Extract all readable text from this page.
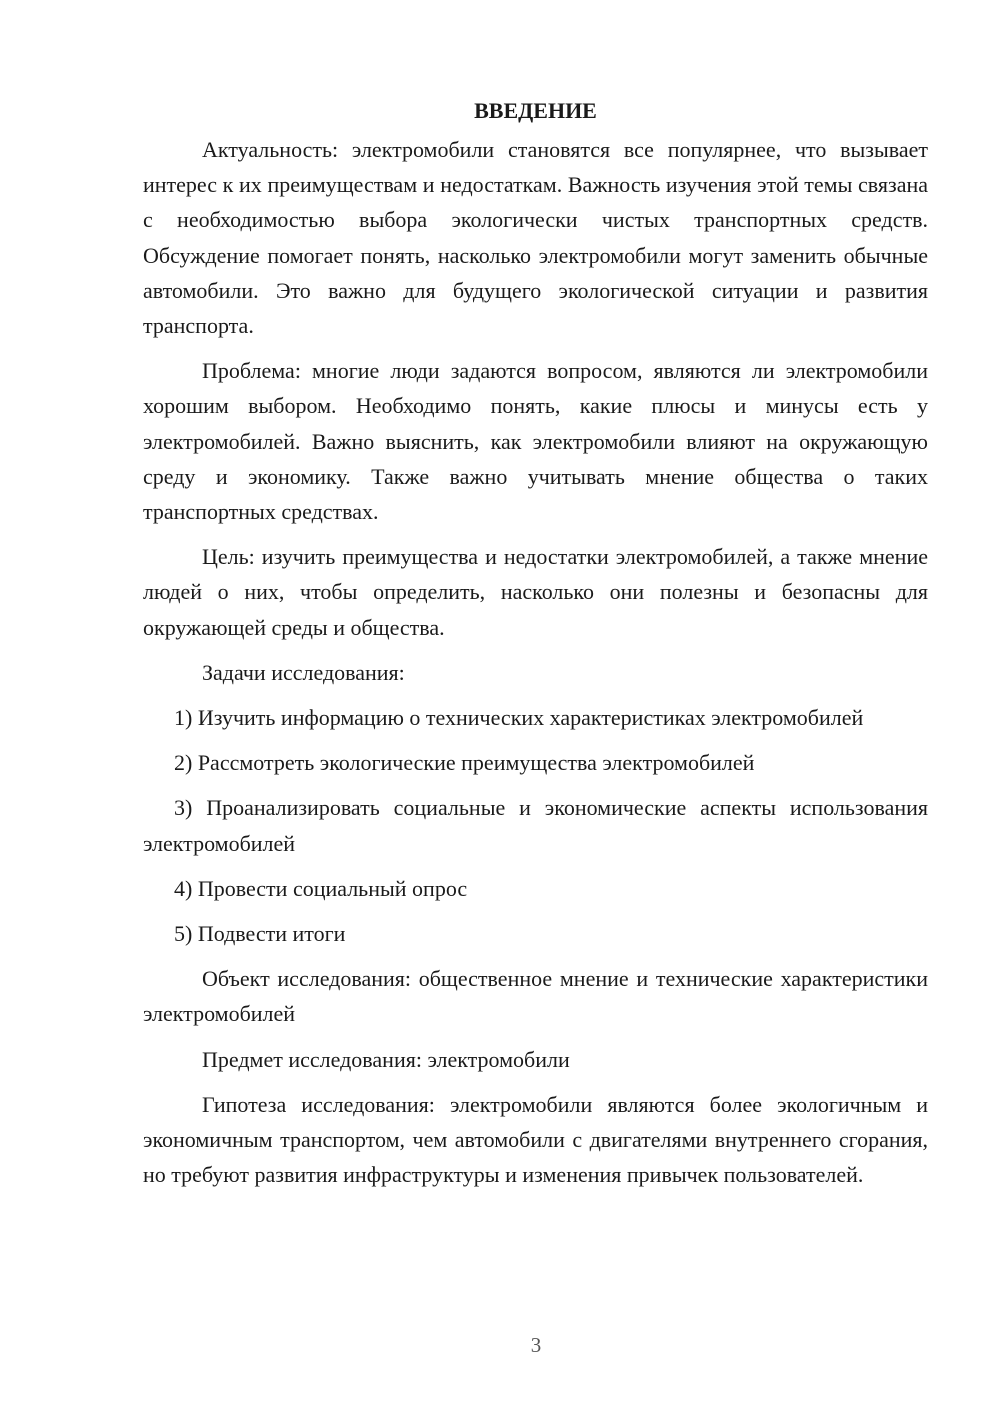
ВВЕДЕНИЕ

Актуальность: электромобили становятся все популярнее, что вызывает интерес к их преимуществам и недостаткам. Важность изучения этой темы связана с необходимостью выбора экологически чистых транспортных средств. Обсуждение помогает понять, насколько электромобили могут заменить обычные автомобили. Это важно для будущего экологической ситуации и развития транспорта.

Проблема: многие люди задаются вопросом, являются ли электромобили хорошим выбором. Необходимо понять, какие плюсы и минусы есть у электромобилей. Важно выяснить, как электромобили влияют на окружающую среду и экономику. Также важно учитывать мнение общества о таких транспортных средствах.

Цель: изучить преимущества и недостатки электромобилей, а также мнение людей о них, чтобы определить, насколько они полезны и безопасны для окружающей среды и общества.

Задачи исследования:

1) Изучить информацию о технических характеристиках электромобилей

2) Рассмотреть экологические преимущества электромобилей

3) Проанализировать социальные и экономические аспекты использования электромобилей

4) Провести социальный опрос

5) Подвести итоги

Объект исследования: общественное мнение и технические характеристики электромобилей

Предмет исследования: электромобили

Гипотеза исследования: электромобили являются более экологичным и экономичным транспортом, чем автомобили с двигателями внутреннего сгорания, но требуют развития инфраструктуры и изменения привычек пользователей.

3
